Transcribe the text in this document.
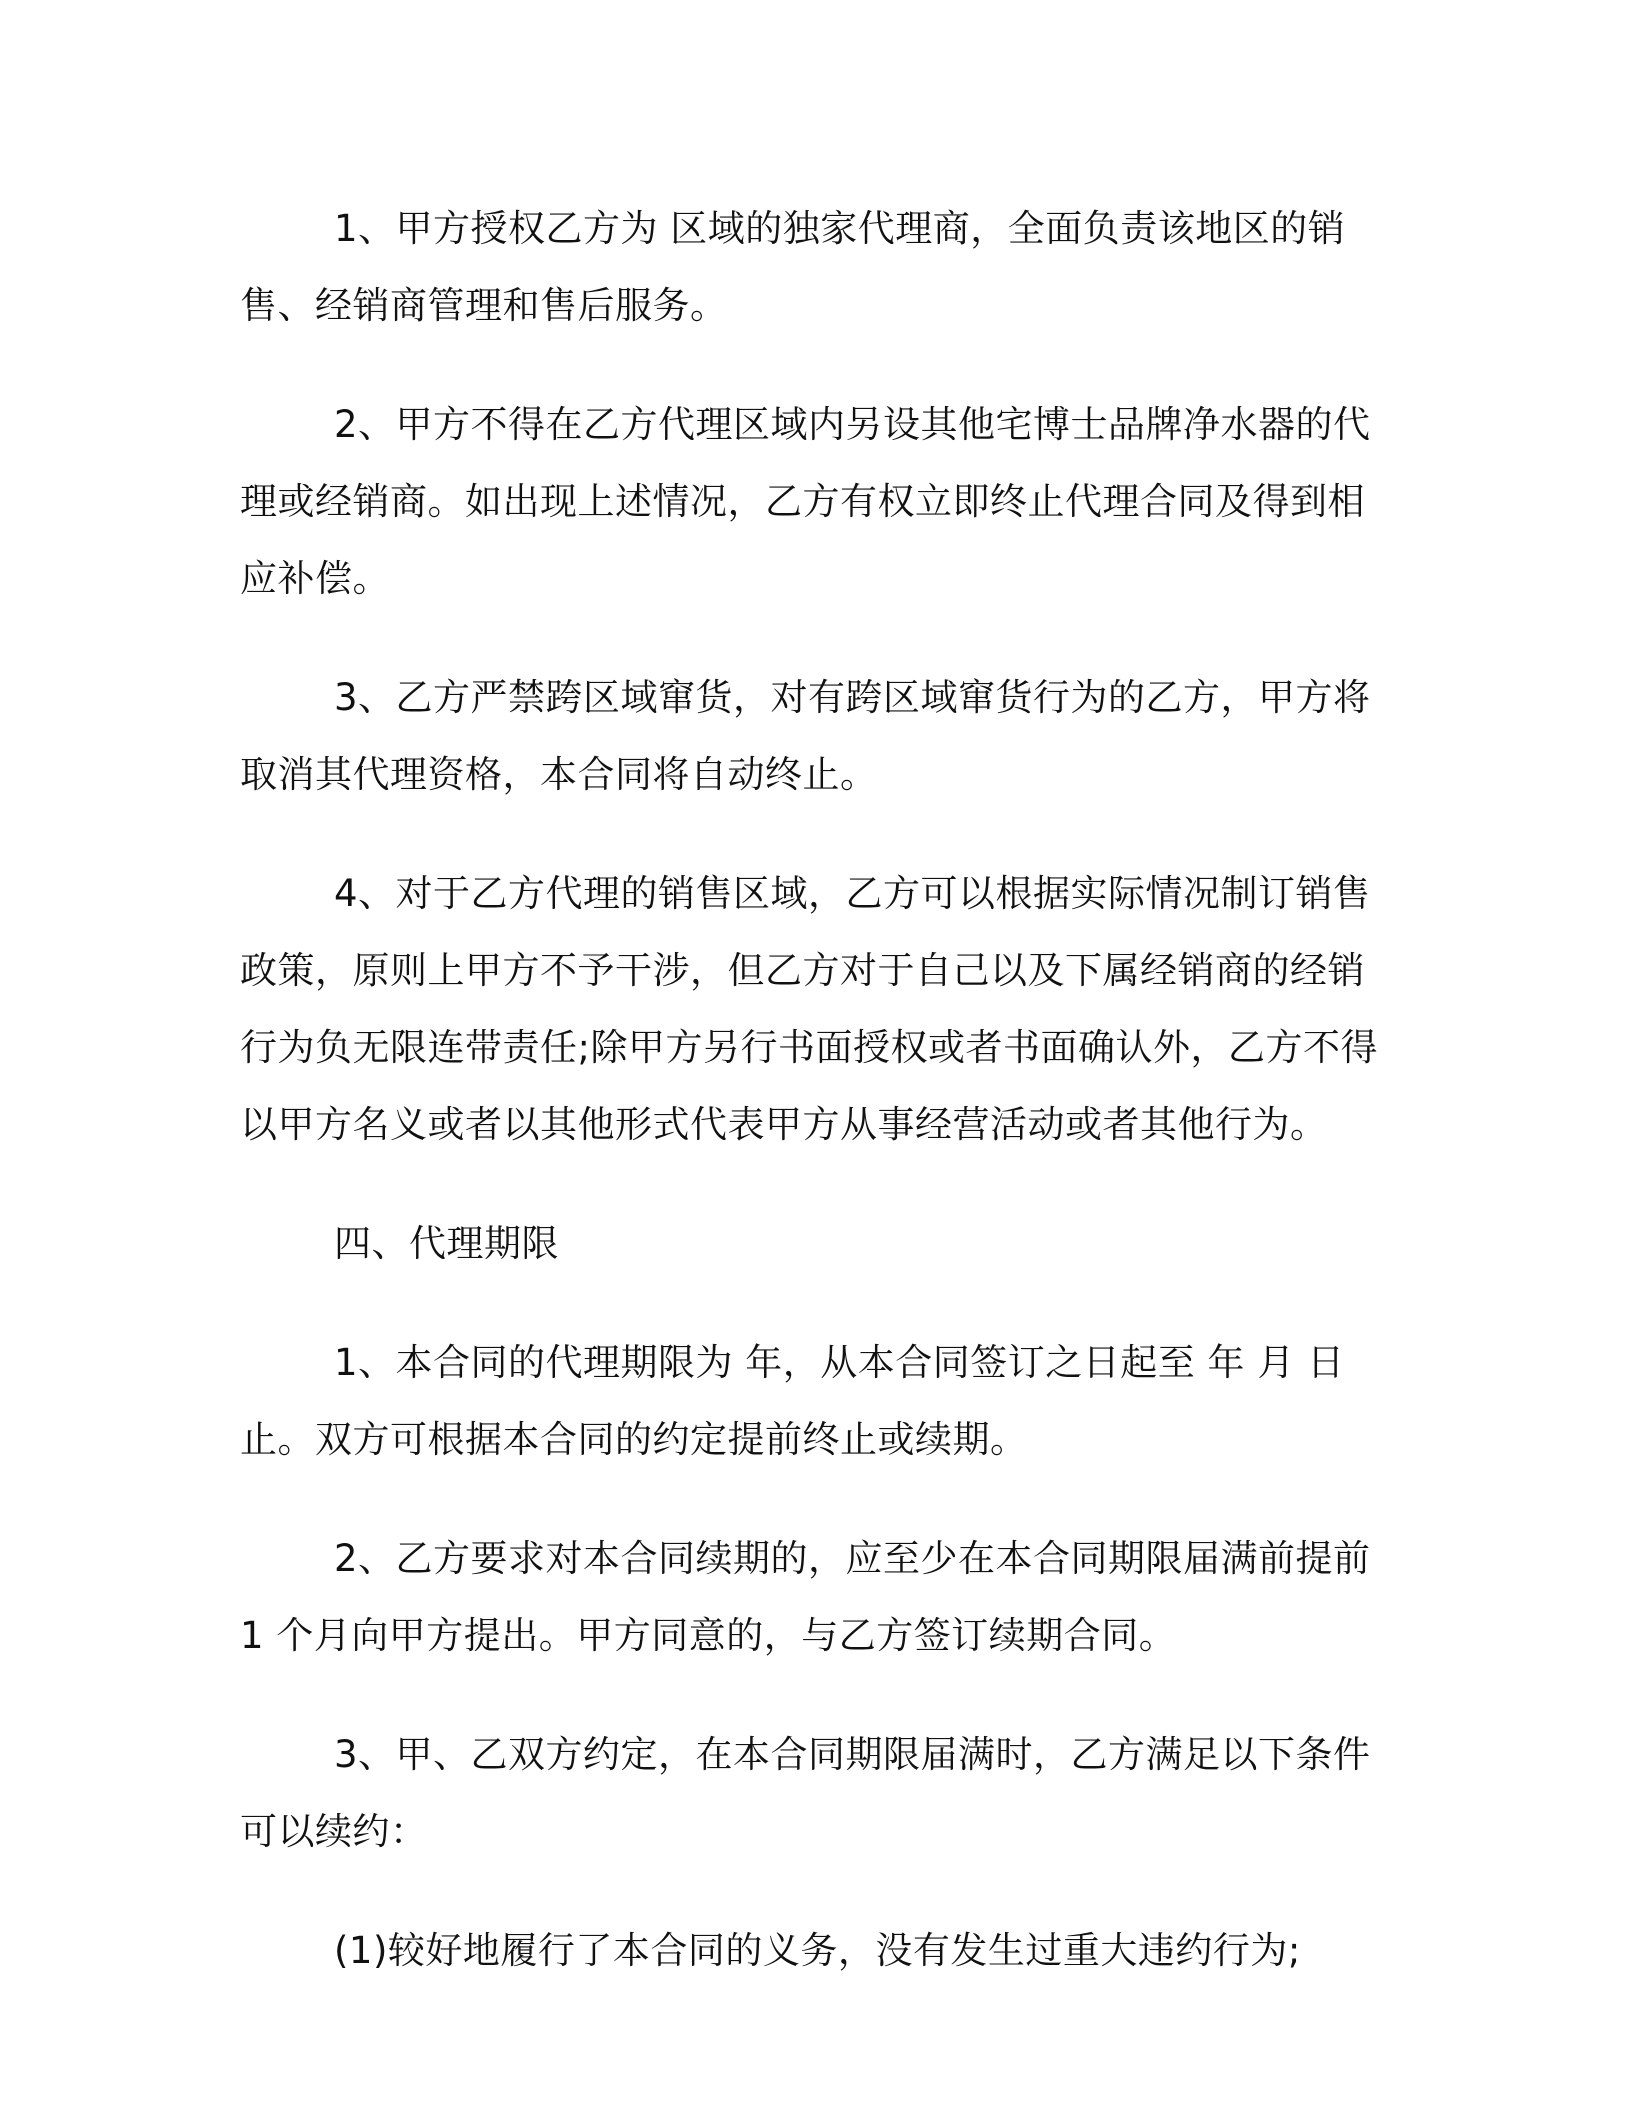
1、甲方授权乙方为 区域的独家代理商，全面负责该地区的销售、经销商管理和售后服务。

2、甲方不得在乙方代理区域内另设其他宅博士品牌净水器的代理或经销商。如出现上述情况，乙方有权立即终止代理合同及得到相应补偿。

3、乙方严禁跨区域窜货，对有跨区域窜货行为的乙方，甲方将取消其代理资格，本合同将自动终止。

4、对于乙方代理的销售区域，乙方可以根据实际情况制订销售政策，原则上甲方不予干涉，但乙方对于自己以及下属经销商的经销行为负无限连带责任;除甲方另行书面授权或者书面确认外，乙方不得以甲方名义或者以其他形式代表甲方从事经营活动或者其他行为。

四、代理期限

1、本合同的代理期限为 年，从本合同签订之日起至 年 月 日止。双方可根据本合同的约定提前终止或续期。

2、乙方要求对本合同续期的，应至少在本合同期限届满前提前1 个月向甲方提出。甲方同意的，与乙方签订续期合同。

3、甲、乙双方约定，在本合同期限届满时，乙方满足以下条件可以续约：

(1)较好地履行了本合同的义务，没有发生过重大违约行为;
